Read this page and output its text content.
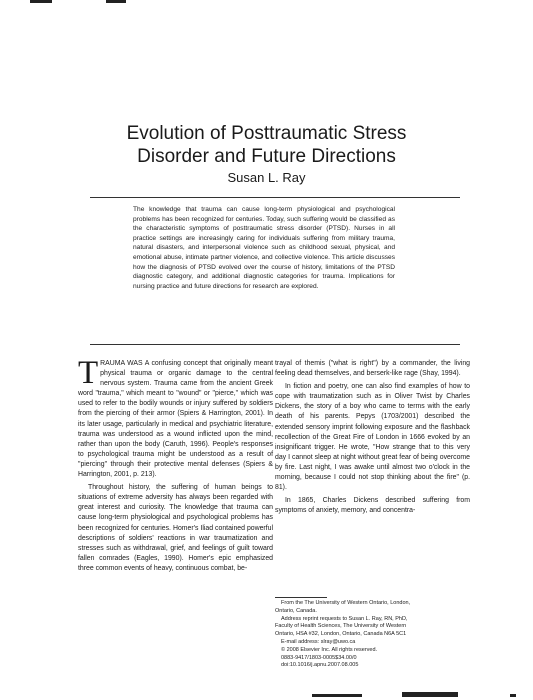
Evolution of Posttraumatic Stress
Disorder and Future Directions

Susan L. Ray

The knowledge that trauma can cause long-term physiological and psychological problems has been recognized for centuries. Today, such suffering would be classified as the characteristic symptoms of posttraumatic stress disorder (PTSD). Nurses in all practice settings are increasingly caring for individuals suffering from military trauma, natural disasters, and interpersonal violence such as childhood sexual, physical, and emotional abuse, intimate partner violence, and collective violence. This article discusses how the diagnosis of PTSD evolved over the course of history, limitations of the PTSD diagnostic category, and additional diagnostic categories for trauma. Implications for nursing practice and future directions for research are explored.

TRAUMA WAS A confusing concept that originally meant physical trauma or organic damage to the central nervous system. Trauma came from the ancient Greek word "trauma," which meant to "wound" or "pierce," which was used to refer to the bodily wounds or injury suffered by soldiers from the piercing of their armor (Spiers & Harrington, 2001). In its later usage, particularly in medical and psychiatric literature, trauma was understood as a wound inflicted upon the mind, rather than upon the body (Caruth, 1996). People's responses to psychological trauma might be understood as a result of "piercing" through their protective mental defenses (Spiers & Harrington, 2001, p. 213).

Throughout history, the suffering of human beings to situations of extreme adversity has always been regarded with great interest and curiosity. The knowledge that trauma can cause long-term physiological and psychological problems has been recognized for centuries. Homer's Iliad contained powerful descriptions of soldiers' reactions in war traumatization and stresses such as withdrawal, grief, and feelings of guilt toward fallen comrades (Eagles, 1990). Homer's epic emphasized three common events of heavy, continuous combat, be-

trayal of themis ("what is right") by a commander, the living feeling dead themselves, and berserk-like rage (Shay, 1994).

In fiction and poetry, one can also find examples of how to cope with traumatization such as in Oliver Twist by Charles Dickens, the story of a boy who came to terms with the early death of his parents. Pepys (1703/2001) described the extended sensory imprint following exposure and the flashback recollection of the Great Fire of London in 1666 evoked by an insignificant trigger. He wrote, "How strange that to this very day I cannot sleep at night without great fear of being overcome by fire. Last night, I was awake until almost two o'clock in the morning, because I could not stop thinking about the fire" (p. 81).

In 1865, Charles Dickens described suffering from symptoms of anxiety, memory, and concentra-

From the The University of Western Ontario, London,
Ontario, Canada.
Address reprint requests to Susan L. Ray, RN, PhD,
Faculty of Health Sciences, The University of Western
Ontario, HSA #32, London, Ontario, Canada N6A 5C1
E-mail address: slray@uwo.ca
© 2008 Elsevier Inc. All rights reserved.
0883-9417/1803-0005$34.00/0
doi:10.1016/j.apnu.2007.08.005
